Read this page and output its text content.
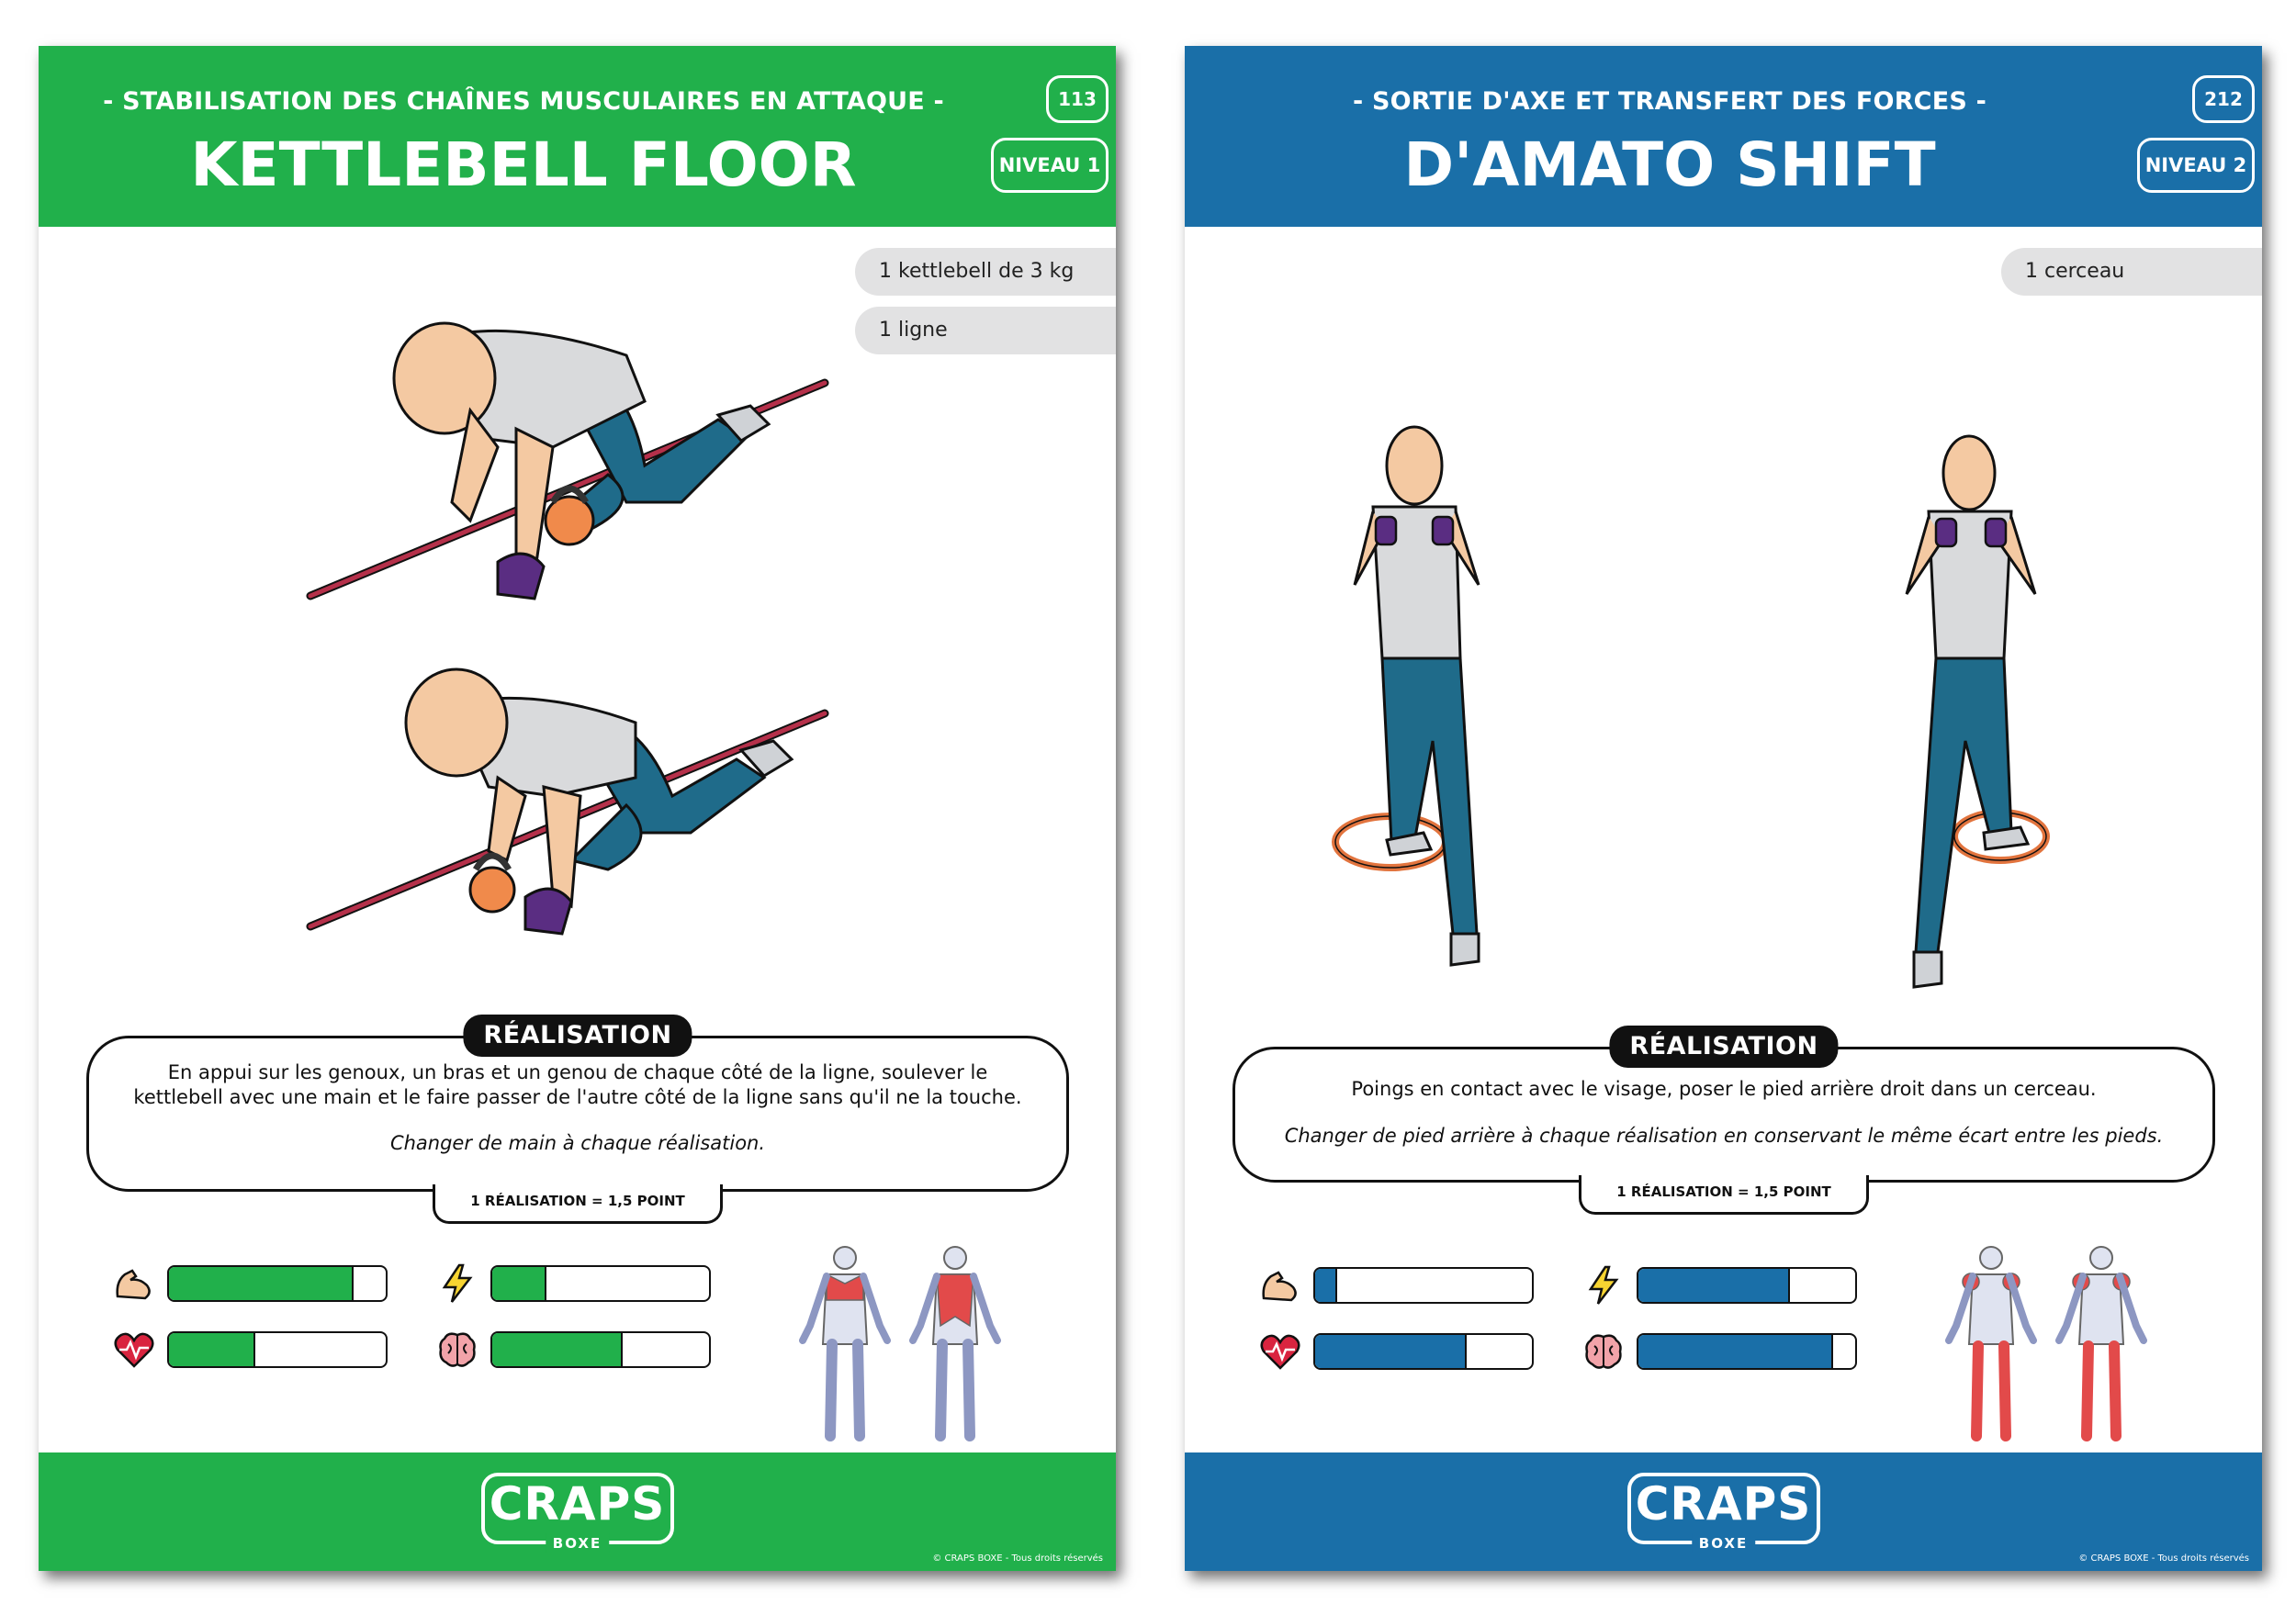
- STABILISATION DES CHAÎNES MUSCULAIRES EN ATTAQUE -
KETTLEBELL FLOOR
113
NIVEAU 1
1 kettlebell de 3 kg
1 ligne
RÉALISATION
En appui sur les genoux, un bras et un genou de chaque côté de la ligne, soulever le kettlebell avec une main et le faire passer de l'autre côté de la ligne sans qu'il ne la touche.
Changer de main à chaque réalisation.
1 RÉALISATION = 1,5 POINT
CRAPS
BOXE
© CRAPS BOXE - Tous droits réservés
- SORTIE D'AXE ET TRANSFERT DES FORCES -
D'AMATO SHIFT
212
NIVEAU 2
1 cerceau
RÉALISATION
Poings en contact avec le visage, poser le pied arrière droit dans un cerceau.
Changer de pied arrière à chaque réalisation en conservant le même écart entre les pieds.
1 RÉALISATION = 1,5 POINT
CRAPS
BOXE
© CRAPS BOXE - Tous droits réservés
